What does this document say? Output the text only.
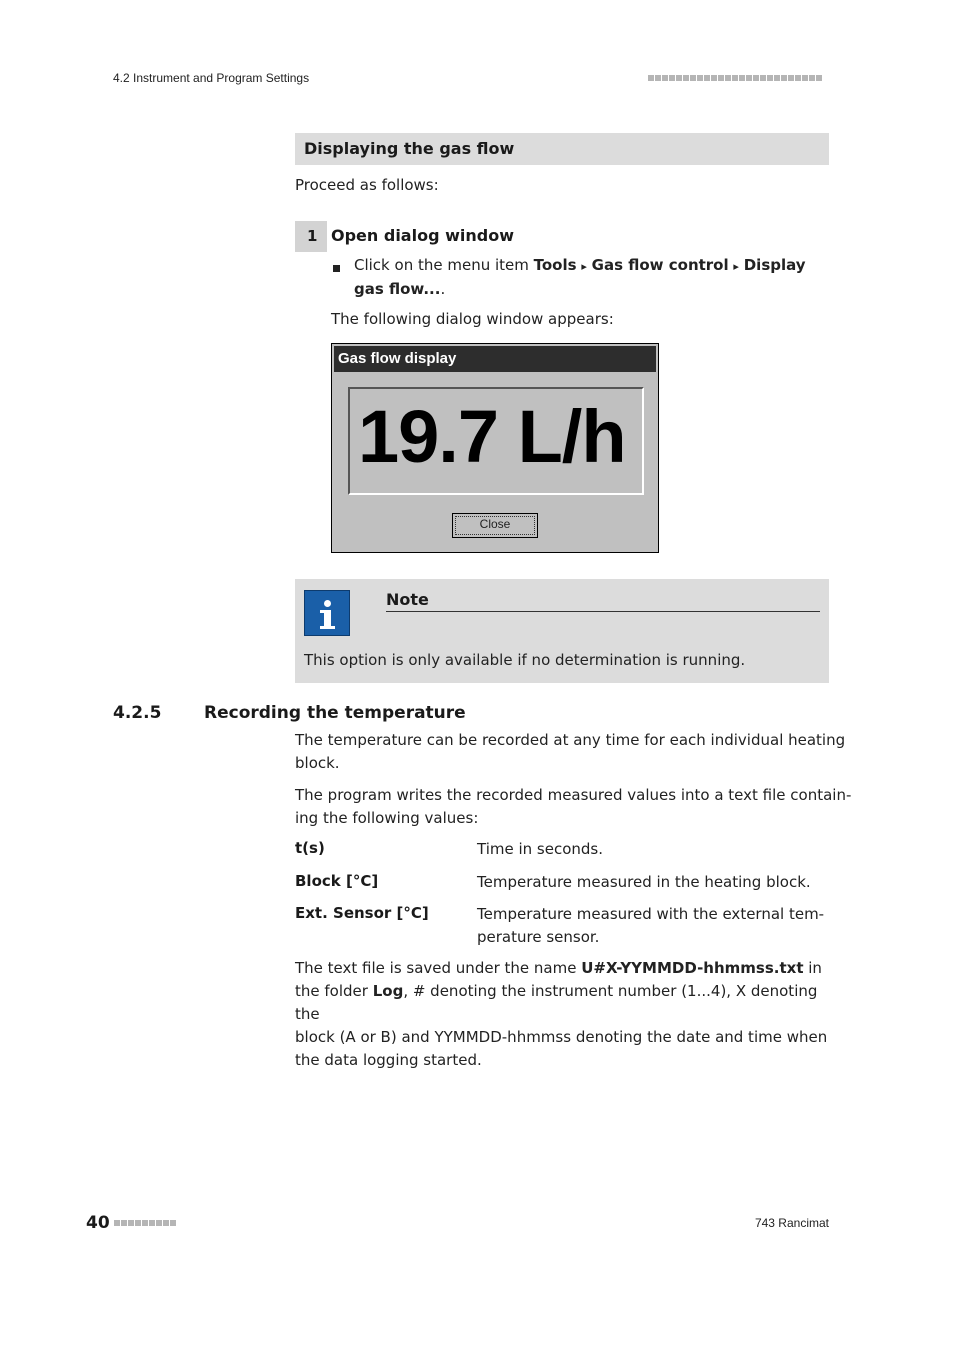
4.2 Instrument and Program Settings
Displaying the gas flow
Proceed as follows:
1 Open dialog window
Click on the menu item Tools ▸ Gas flow control ▸ Display
gas flow....
The following dialog window appears:
Gas flow display
19.7 L/h
Close
Note
This option is only available if no determination is running.
4.2.5	Recording the temperature
The temperature can be recorded at any time for each individual heating
block.
The program writes the recorded measured values into a text file contain-
ing the following values:
t(s)	Time in seconds.
Block [°C]	Temperature measured in the heating block.
Ext. Sensor [°C]	Temperature measured with the external tem-
perature sensor.
The text file is saved under the name U#X-YYMMDD-hhmmss.txt in
the folder Log, # denoting the instrument number (1...4), X denoting the
block (A or B) and YYMMDD-hhmmss denoting the date and time when
the data logging started.
40	743 Rancimat
